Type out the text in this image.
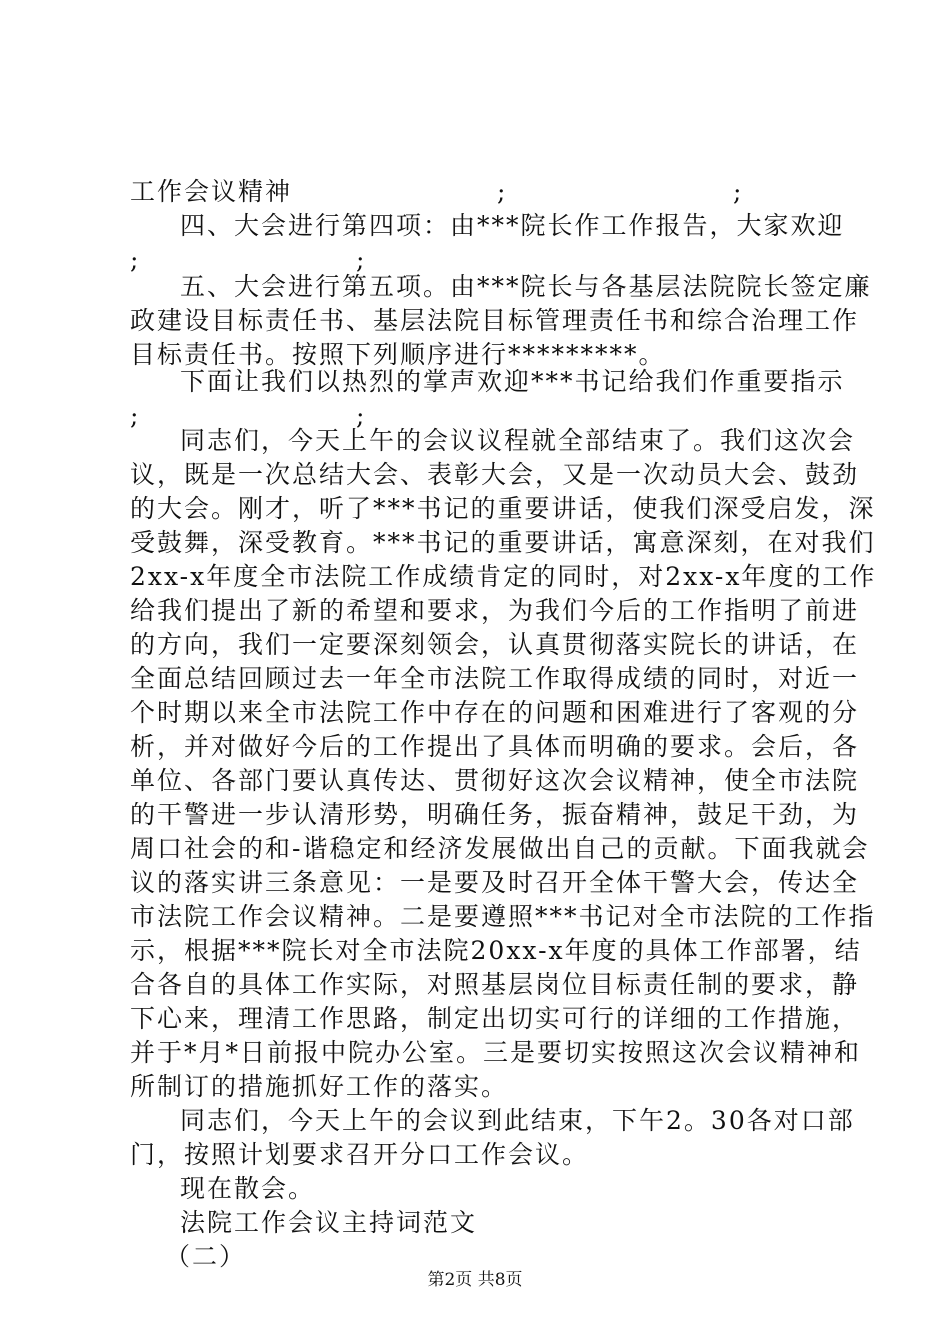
工作会议精神	;	;
四、大会进行第四项：由***院长作工作报告，大家欢迎
;	;
五、大会进行第五项。由***院长与各基层法院院长签定廉
政建设目标责任书、基层法院目标管理责任书和综合治理工作
目标责任书。按照下列顺序进行*********。
下面让我们以热烈的掌声欢迎***书记给我们作重要指示
;	;
同志们，今天上午的会议议程就全部结束了。我们这次会
议，既是一次总结大会、表彰大会，又是一次动员大会、鼓劲
的大会。刚才，听了***书记的重要讲话，使我们深受启发，深
受鼓舞，深受教育。***书记的重要讲话，寓意深刻，在对我们
2xx-x年度全市法院工作成绩肯定的同时，对2xx-x年度的工作
给我们提出了新的希望和要求，为我们今后的工作指明了前进
的方向，我们一定要深刻领会，认真贯彻落实院长的讲话，在
全面总结回顾过去一年全市法院工作取得成绩的同时，对近一
个时期以来全市法院工作中存在的问题和困难进行了客观的分
析，并对做好今后的工作提出了具体而明确的要求。会后，各
单位、各部门要认真传达、贯彻好这次会议精神，使全市法院
的干警进一步认清形势，明确任务，振奋精神，鼓足干劲，为
周口社会的和-谐稳定和经济发展做出自己的贡献。下面我就会
议的落实讲三条意见：一是要及时召开全体干警大会，传达全
市法院工作会议精神。二是要遵照***书记对全市法院的工作指
示，根据***院长对全市法院20xx-x年度的具体工作部署，结
合各自的具体工作实际，对照基层岗位目标责任制的要求，静
下心来，理清工作思路，制定出切实可行的详细的工作措施，
并于*月*日前报中院办公室。三是要切实按照这次会议精神和
所制订的措施抓好工作的落实。
同志们，今天上午的会议到此结束，下午2。30各对口部
门，按照计划要求召开分口工作会议。
现在散会。
法院工作会议主持词范文
（二）
第2页 共8页
